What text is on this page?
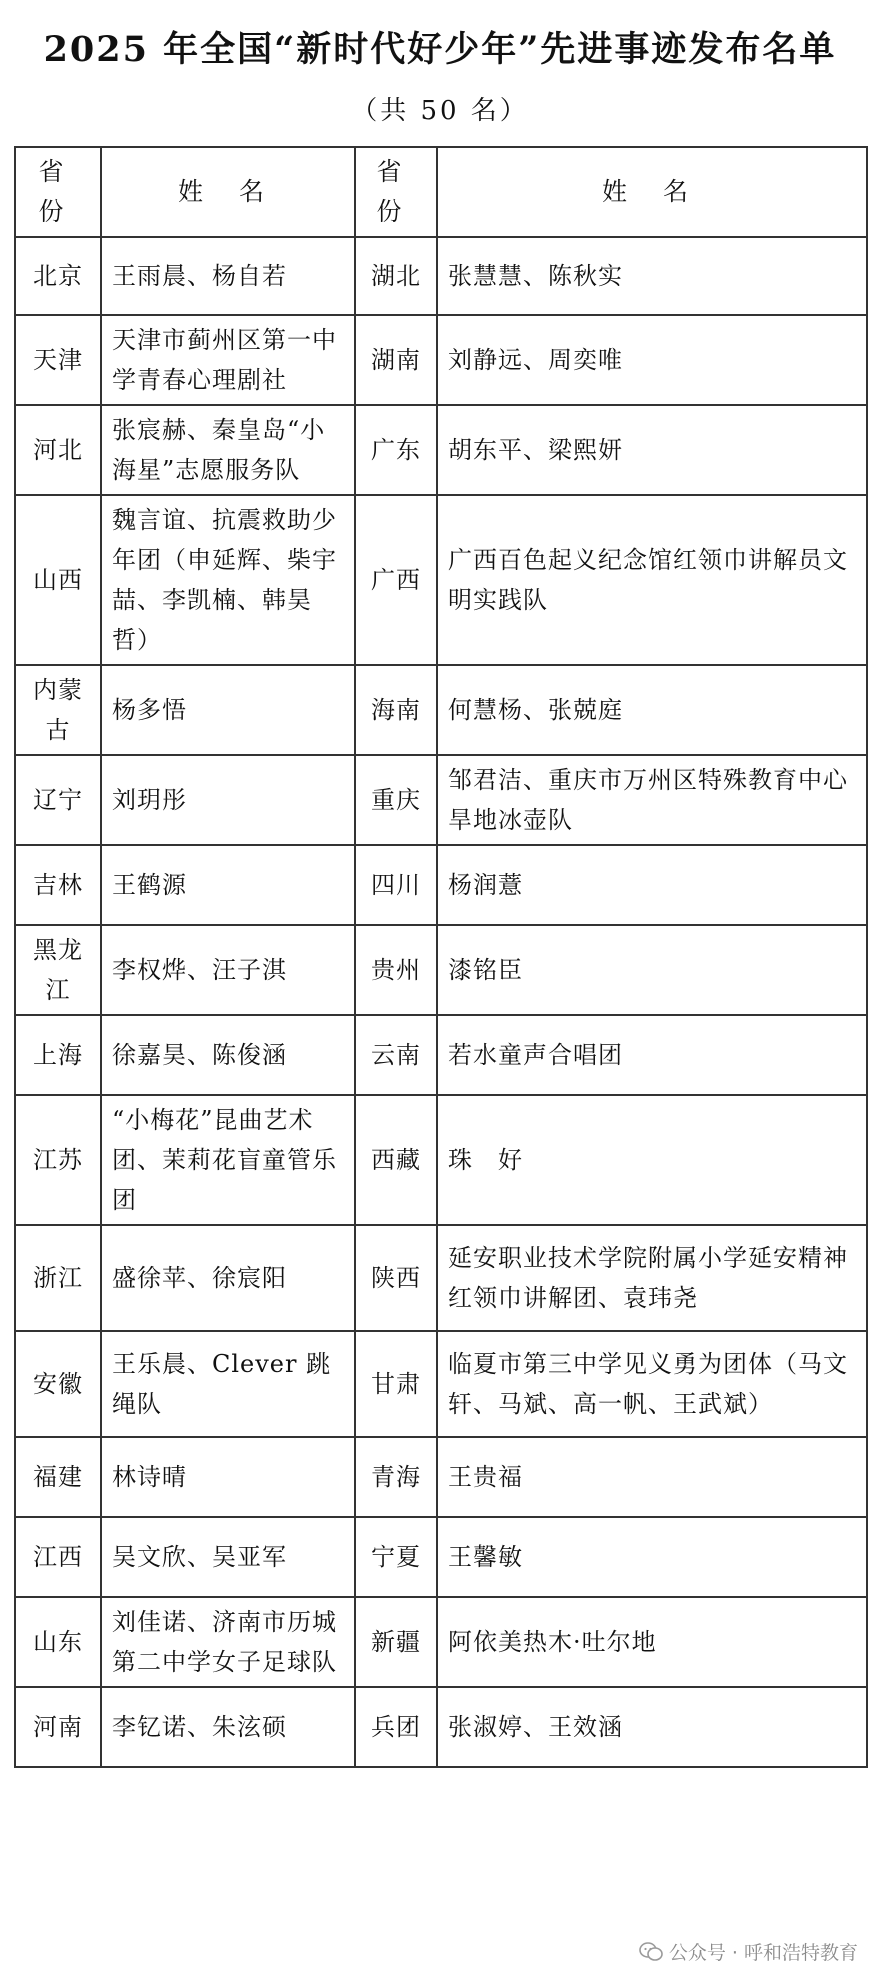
2025 年全国“新时代好少年”先进事迹发布名单
（共 50 名）
省 份	姓 名	省 份	姓 名
北京	王雨晨、杨自若	湖北	张慧慧、陈秋实
天津	天津市蓟州区第一中学青春心理剧社	湖南	刘静远、周奕唯
河北	张宸赫、秦皇岛“小海星”志愿服务队	广东	胡东平、梁熙妍
山西	魏言谊、抗震救助少年团（申延辉、柴宇喆、李凯楠、韩昊哲）	广西	广西百色起义纪念馆红领巾讲解员文明实践队
内蒙古	杨多悟	海南	何慧杨、张兢庭
辽宁	刘玥彤	重庆	邹君洁、重庆市万州区特殊教育中心旱地冰壶队
吉林	王鹤源	四川	杨润薏
黑龙江	李权烨、汪子淇	贵州	漆铭臣
上海	徐嘉昊、陈俊涵	云南	若水童声合唱团
江苏	“小梅花”昆曲艺术团、茉莉花盲童管乐团	西藏	珠　好
浙江	盛徐苹、徐宸阳	陕西	延安职业技术学院附属小学延安精神红领巾讲解团、袁玮尧
安徽	王乐晨、Clever 跳绳队	甘肃	临夏市第三中学见义勇为团体（马文轩、马斌、高一帆、王武斌）
福建	林诗晴	青海	王贵福
江西	吴文欣、吴亚军	宁夏	王馨敏
山东	刘佳诺、济南市历城第二中学女子足球队	新疆	阿依美热木·吐尔地
河南	李钇诺、朱泫硕	兵团	张淑婷、王效涵
公众号 · 呼和浩特教育
